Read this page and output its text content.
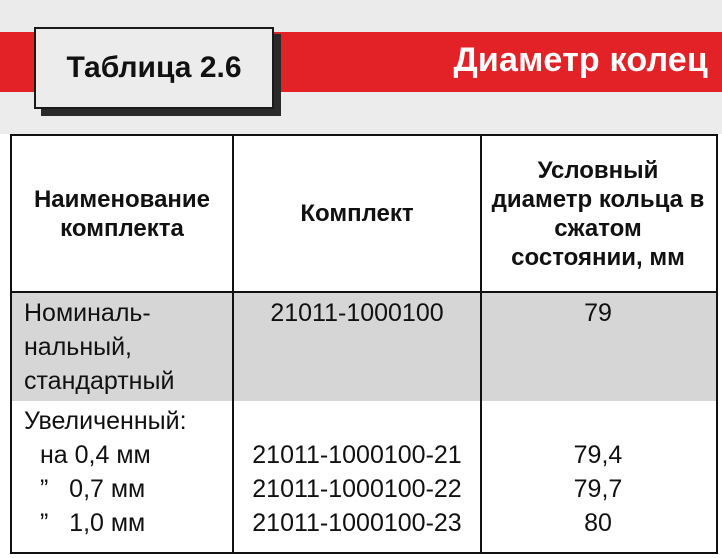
Диаметр колец
Таблица 2.6
Наименование комплекта
Комплект
Условный диаметр кольца в сжатом состоянии, мм
Номиналь-
нальный,
стандартный
21011-1000100	79
Увеличенный:
на 0,4 мм
”   0,7 мм
”   1,0 мм
21011-1000100-21
21011-1000100-22
21011-1000100-23
79,4
79,7
80
